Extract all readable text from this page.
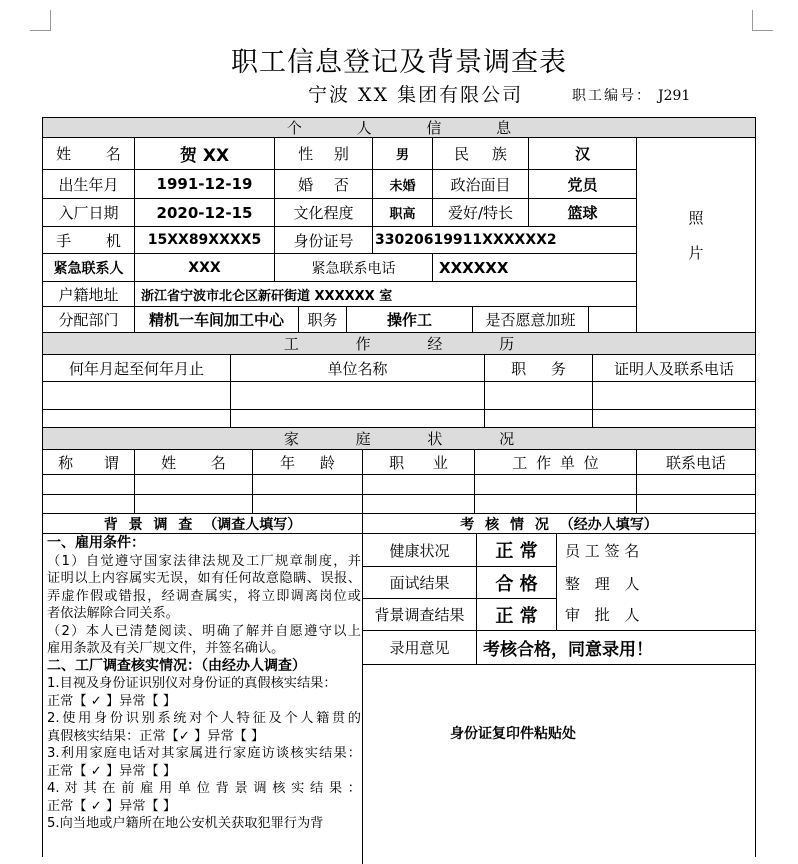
职工信息登记及背景调查表
宁波 XX 集团有限公司	职工编号： J291
个 人 信 息
姓 名	贺 XX	性 别	男	民 族	汉
出生年月	1991-12-19	婚 否	未婚	政治面目	党员
入厂日期	2020-12-15	文化程度	职高	爱好/特长	篮球
手 机	15XX89XXXX5	身份证号	33020619911XXXXXX2
紧急联系人	XXX	紧急联系电话	XXXXXX
户籍地址	浙江省宁波市北仑区新矸街道 XXXXXX 室
分配部门	精机一车间加工中心	职务	操作工	是否愿意加班
照
片
工 作 经 历
何年月起至何年月止	单位名称	职 务	证明人及联系电话
家 庭 状 况
称 谓	姓 名	年 龄	职 业	工 作 单 位	联系电话
背 景 调 查 （调查人填写）	考 核 情 况 （经办人填写）

一、雇用条件：

（1）自觉遵守国家法律法规及工厂规章制度，并

证明以上内容属实无误，如有任何故意隐瞒、误报、

弄虚作假或错报，经调查属实，将立即调离岗位或

者依法解除合同关系。

（2）本人已清楚阅读、明确了解并自愿遵守以上

雇用条款及有关厂规文件，并签名确认。

二、工厂调查核实情况：（由经办人调查）

1.目视及身份证识别仪对身份证的真假核实结果：

正常【 ✓ 】异常【 】

2.使用身份识别系统对个人特征及个人籍贯的

真假核实结果：正常【✓ 】异常【 】

3.利用家庭电话对其家属进行家庭访谈核实结果：

正常【 ✓ 】异常【 】

4. 对 其 在 前 雇 用 单 位 背 景 调 核 实 结 果 ：

正常【 ✓ 】异常【 】

5.向当地或户籍所在地公安机关获取犯罪行为背

健康状况	正 常	员 工 签 名
面试结果	合 格	整 理 人
背景调查结果	正 常	审 批 人
录用意见	考核合格，同意录用！
身份证复印件粘贴处
